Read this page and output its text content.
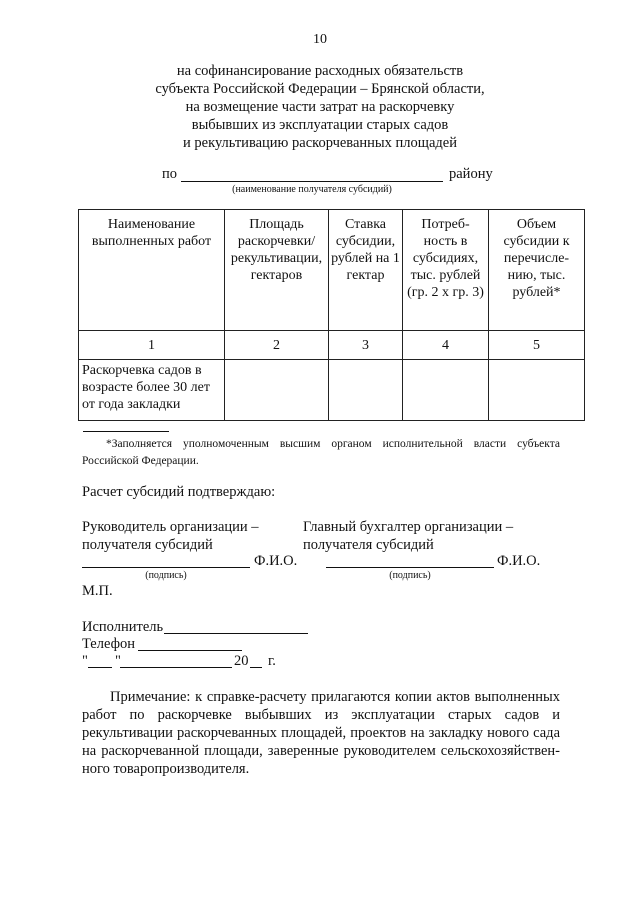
10
на софинансирование расходных обязательств
субъекта Российской Федерации – Брянской области,
на возмещение части затрат на раскорчевку
выбывших из эксплуатации старых садов
и рекультивацию раскорчеванных площадей
по	району
(наименование получателя субсидий)
Наименование выполненных работ	Площадь раскорчевки/ рекультивации, гектаров	Ставка субсидии, рублей на 1 гектар	Потреб- ность в субсидиях, тыс. рублей (гр. 2 x гр. 3)	Объем субсидии к перечисле- нию, тыс. рублей*
1	2	3	4	5
Раскорчевка садов в возрасте более 30 лет от года закладки				
*Заполняется уполномоченным высшим органом исполнительной власти субъекта Российской Федерации.
Расчет субсидий подтверждаю:
Руководитель организации –
получателя субсидий
Главный бухгалтер организации –
получателя субсидий
Ф.И.О.	Ф.И.О.
(подпись)	(подпись)
М.П.
Исполнитель
Телефон
" "	20 г.
Примечание: к справке-расчету прилагаются копии актов выполненных работ по раскорчевке выбывших из эксплуатации старых садов и рекультивации раскорчеванных площадей, проектов на закладку нового сада на раскорчеванной площади, заверенные руководителем сельскохозяйствен-ного товаропроизводителя.
